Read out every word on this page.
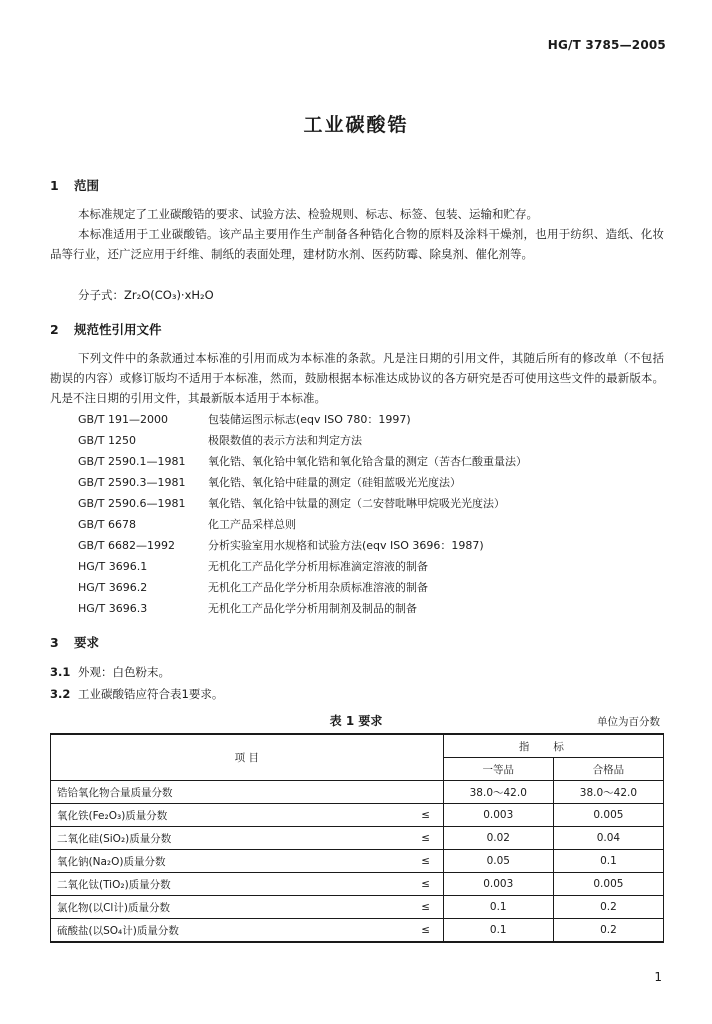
HG/T 3785—2005
工业碳酸锆
1 范围
本标准规定了工业碳酸锆的要求、试验方法、检验规则、标志、标签、包装、运输和贮存。
本标准适用于工业碳酸锆。该产品主要用作生产制备各种锆化合物的原料及涂料干燥剂，也用于纺织、造纸、化妆品等行业，还广泛应用于纤维、制纸的表面处理，建材防水剂、医药防霉、除臭剂、催化剂等。
分子式：Zr₂O(CO₃)·xH₂O
2 规范性引用文件
下列文件中的条款通过本标准的引用而成为本标准的条款。凡是注日期的引用文件，其随后所有的修改单（不包括勘误的内容）或修订版均不适用于本标准，然而，鼓励根据本标准达成协议的各方研究是否可使用这些文件的最新版本。凡是不注日期的引用文件，其最新版本适用于本标准。
GB/T 191—2000	包装储运图示标志(eqv ISO 780：1997)
GB/T 1250	极限数值的表示方法和判定方法
GB/T 2590.1—1981 氧化锆、氧化铪中氧化锆和氧化铪含量的测定（苦杏仁酸重量法）
GB/T 2590.3—1981 氧化锆、氧化铪中硅量的测定（硅钼蓝吸光光度法）
GB/T 2590.6—1981 氧化锆、氧化铪中钛量的测定（二安替吡啉甲烷吸光光度法）
GB/T 6678	化工产品采样总则
GB/T 6682—1992	分析实验室用水规格和试验方法(eqv ISO 3696：1987)
HG/T 3696.1	无机化工产品化学分析用标准滴定溶液的制备
HG/T 3696.2	无机化工产品化学分析用杂质标准溶液的制备
HG/T 3696.3	无机化工产品化学分析用制剂及制品的制备
3 要求
3.1 外观：白色粉末。
3.2 工业碳酸锆应符合表1要求。
表 1 要求	单位为百分数
项 目		指标	
		一等品	合格品
锆铪氧化物合量质量分数		38.0～42.0	38.0～42.0
氧化铁(Fe₂O₃)质量分数	≤	0.003	0.005
二氧化硅(SiO₂)质量分数	≤	0.02	0.04
氧化钠(Na₂O)质量分数	≤	0.05	0.1
二氧化钛(TiO₂)质量分数	≤	0.003	0.005
氯化物(以Cl计)质量分数	≤	0.1	0.2
硫酸盐(以SO₄计)质量分数	≤	0.1	0.2
1
